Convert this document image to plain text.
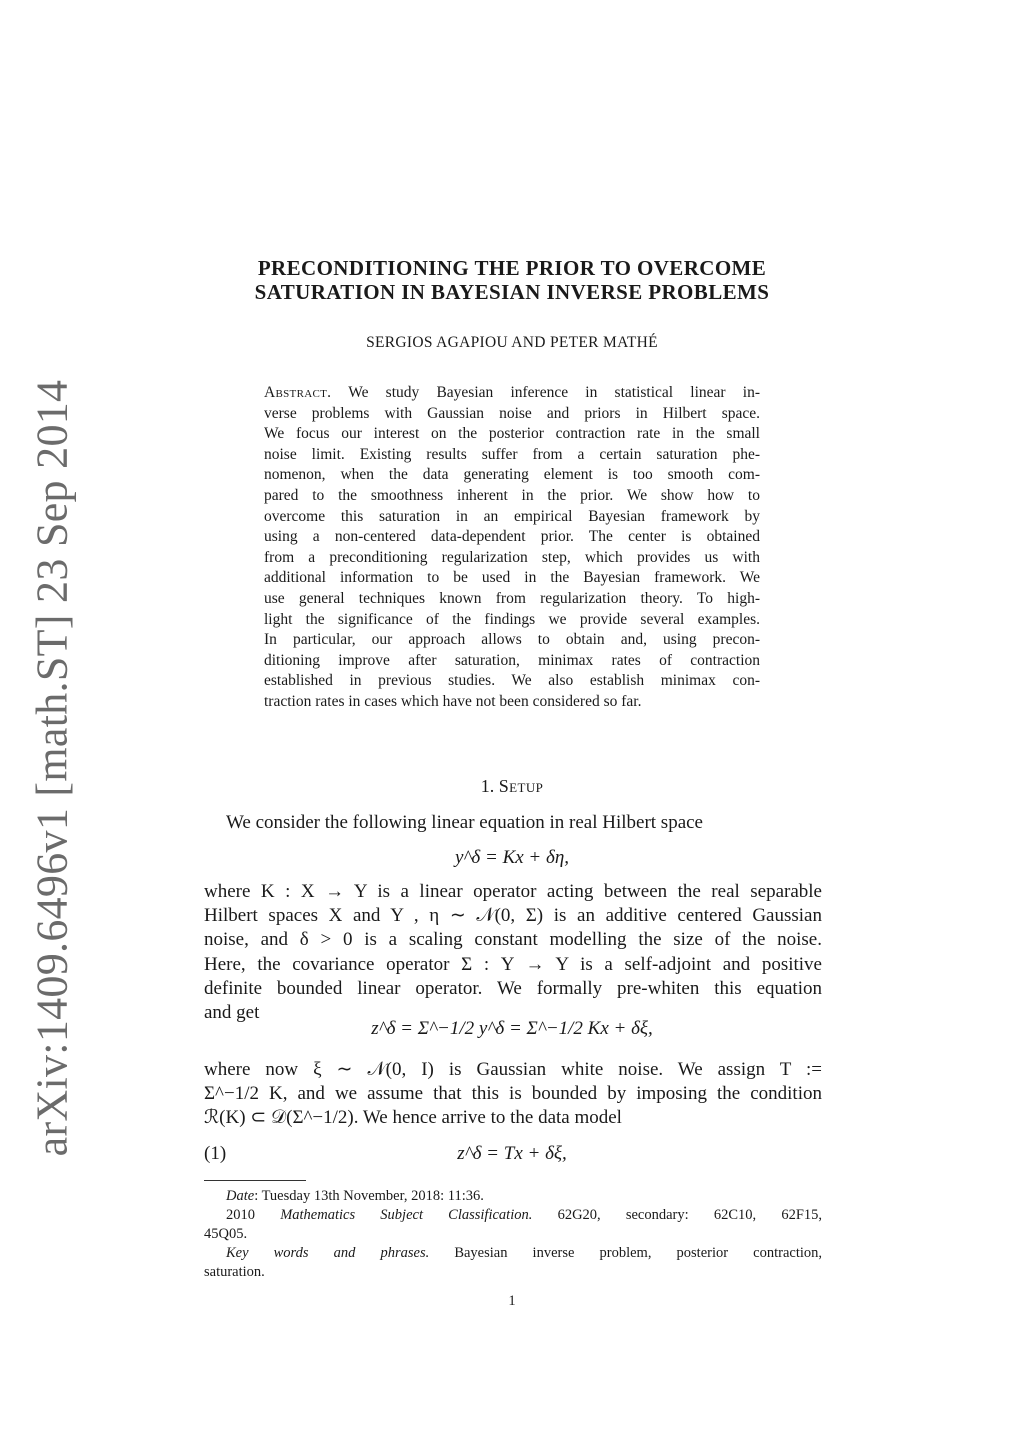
arXiv:1409.6496v1 [math.ST] 23 Sep 2014
PRECONDITIONING THE PRIOR TO OVERCOME
SATURATION IN BAYESIAN INVERSE PROBLEMS
SERGIOS AGAPIOU AND PETER MATHÉ
Abstract. We study Bayesian inference in statistical linear in-
verse problems with Gaussian noise and priors in Hilbert space.
We focus our interest on the posterior contraction rate in the small
noise limit. Existing results suffer from a certain saturation phe-
nomenon, when the data generating element is too smooth com-
pared to the smoothness inherent in the prior. We show how to
overcome this saturation in an empirical Bayesian framework by
using a non-centered data-dependent prior. The center is obtained
from a preconditioning regularization step, which provides us with
additional information to be used in the Bayesian framework. We
use general techniques known from regularization theory. To high-
light the significance of the findings we provide several examples.
In particular, our approach allows to obtain and, using precon-
ditioning improve after saturation, minimax rates of contraction
established in previous studies. We also establish minimax con-
traction rates in cases which have not been considered so far.
1. Setup
We consider the following linear equation in real Hilbert space
y^δ = Kx + δη,
where K : X → Y is a linear operator acting between the real separable
Hilbert spaces X and Y , η ∼ 𝒩(0, Σ) is an additive centered Gaussian
noise, and δ > 0 is a scaling constant modelling the size of the noise.
Here, the covariance operator Σ : Y → Y is a self-adjoint and positive
definite bounded linear operator. We formally pre-whiten this equation
and get
z^δ = Σ^−1/2 y^δ = Σ^−1/2 Kx + δξ,
where now ξ ∼ 𝒩(0, I) is Gaussian white noise. We assign T :=
Σ^−1/2 K, and we assume that this is bounded by imposing the condition
ℛ(K) ⊂ 𝒟(Σ^−1/2). We hence arrive to the data model
(1)	z^δ = Tx + δξ,
Date: Tuesday 13th November, 2018: 11:36.
2010 Mathematics Subject Classification. 62G20, secondary: 62C10, 62F15,
45Q05.
Key words and phrases. Bayesian inverse problem, posterior contraction,
saturation.
1
